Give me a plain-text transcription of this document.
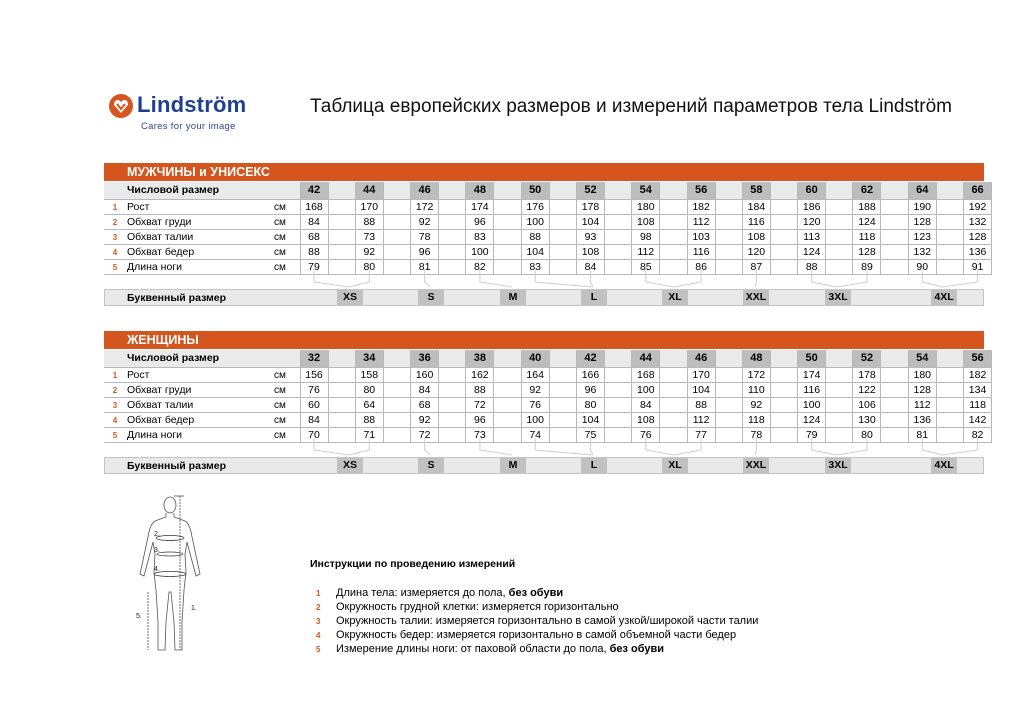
Lindström
Cares for your image
Таблица европейских размеров и измерений параметров тела Lindström
МУЖЧИНЫ и УНИСЕКС
	Числовой размер		42		44		46		48		50		52		54		56		58		60		62		64		66
1	Рост	см	168		170		172		174		176		178		180		182		184		186		188		190		192
2	Обхват груди	см	84		88		92		96		100		104		108		112		116		120		124		128		132
3	Обхват талии	см	68		73		78		83		88		93		98		103		108		113		118		123		128
4	Обхват бедер	см	88		92		96		100		104		108		112		116		120		124		128		132		136
5	Длина ноги	см	79		80		81		82		83		84		85		86		87		88		89		90		91
Буквенный размер	XS	S	M	L	XL	XXL	3XL	4XL
ЖЕНЩИНЫ
	Числовой размер		32		34		36		38		40		42		44		46		48		50		52		54		56
1	Рост	см	156		158		160		162		164		166		168		170		172		174		178		180		182
2	Обхват груди	см	76		80		84		88		92		96		100		104		110		116		122		128		134
3	Обхват талии	см	60		64		68		72		76		80		84		88		92		100		106		112		118
4	Обхват бедер	см	84		88		92		96		100		104		108		112		118		124		130		136		142
5	Длина ноги	см	70		71		72		73		74		75		76		77		78		79		80		81		82
Буквенный размер	XS	S	M	L	XL	XXL	3XL	4XL
1.
2.
3.
4.
5.
Инструкции по проведению измерений
1 Длина тела: измеряется до пола, без обуви
2 Окружность грудной клетки: измеряется горизонтально
3 Окружность талии: измеряется горизонтально в самой узкой/широкой части талии
4 Окружность бедер: измеряется горизонтально в самой объемной части бедер
5 Измерение длины ноги: от паховой области до пола, без обуви
